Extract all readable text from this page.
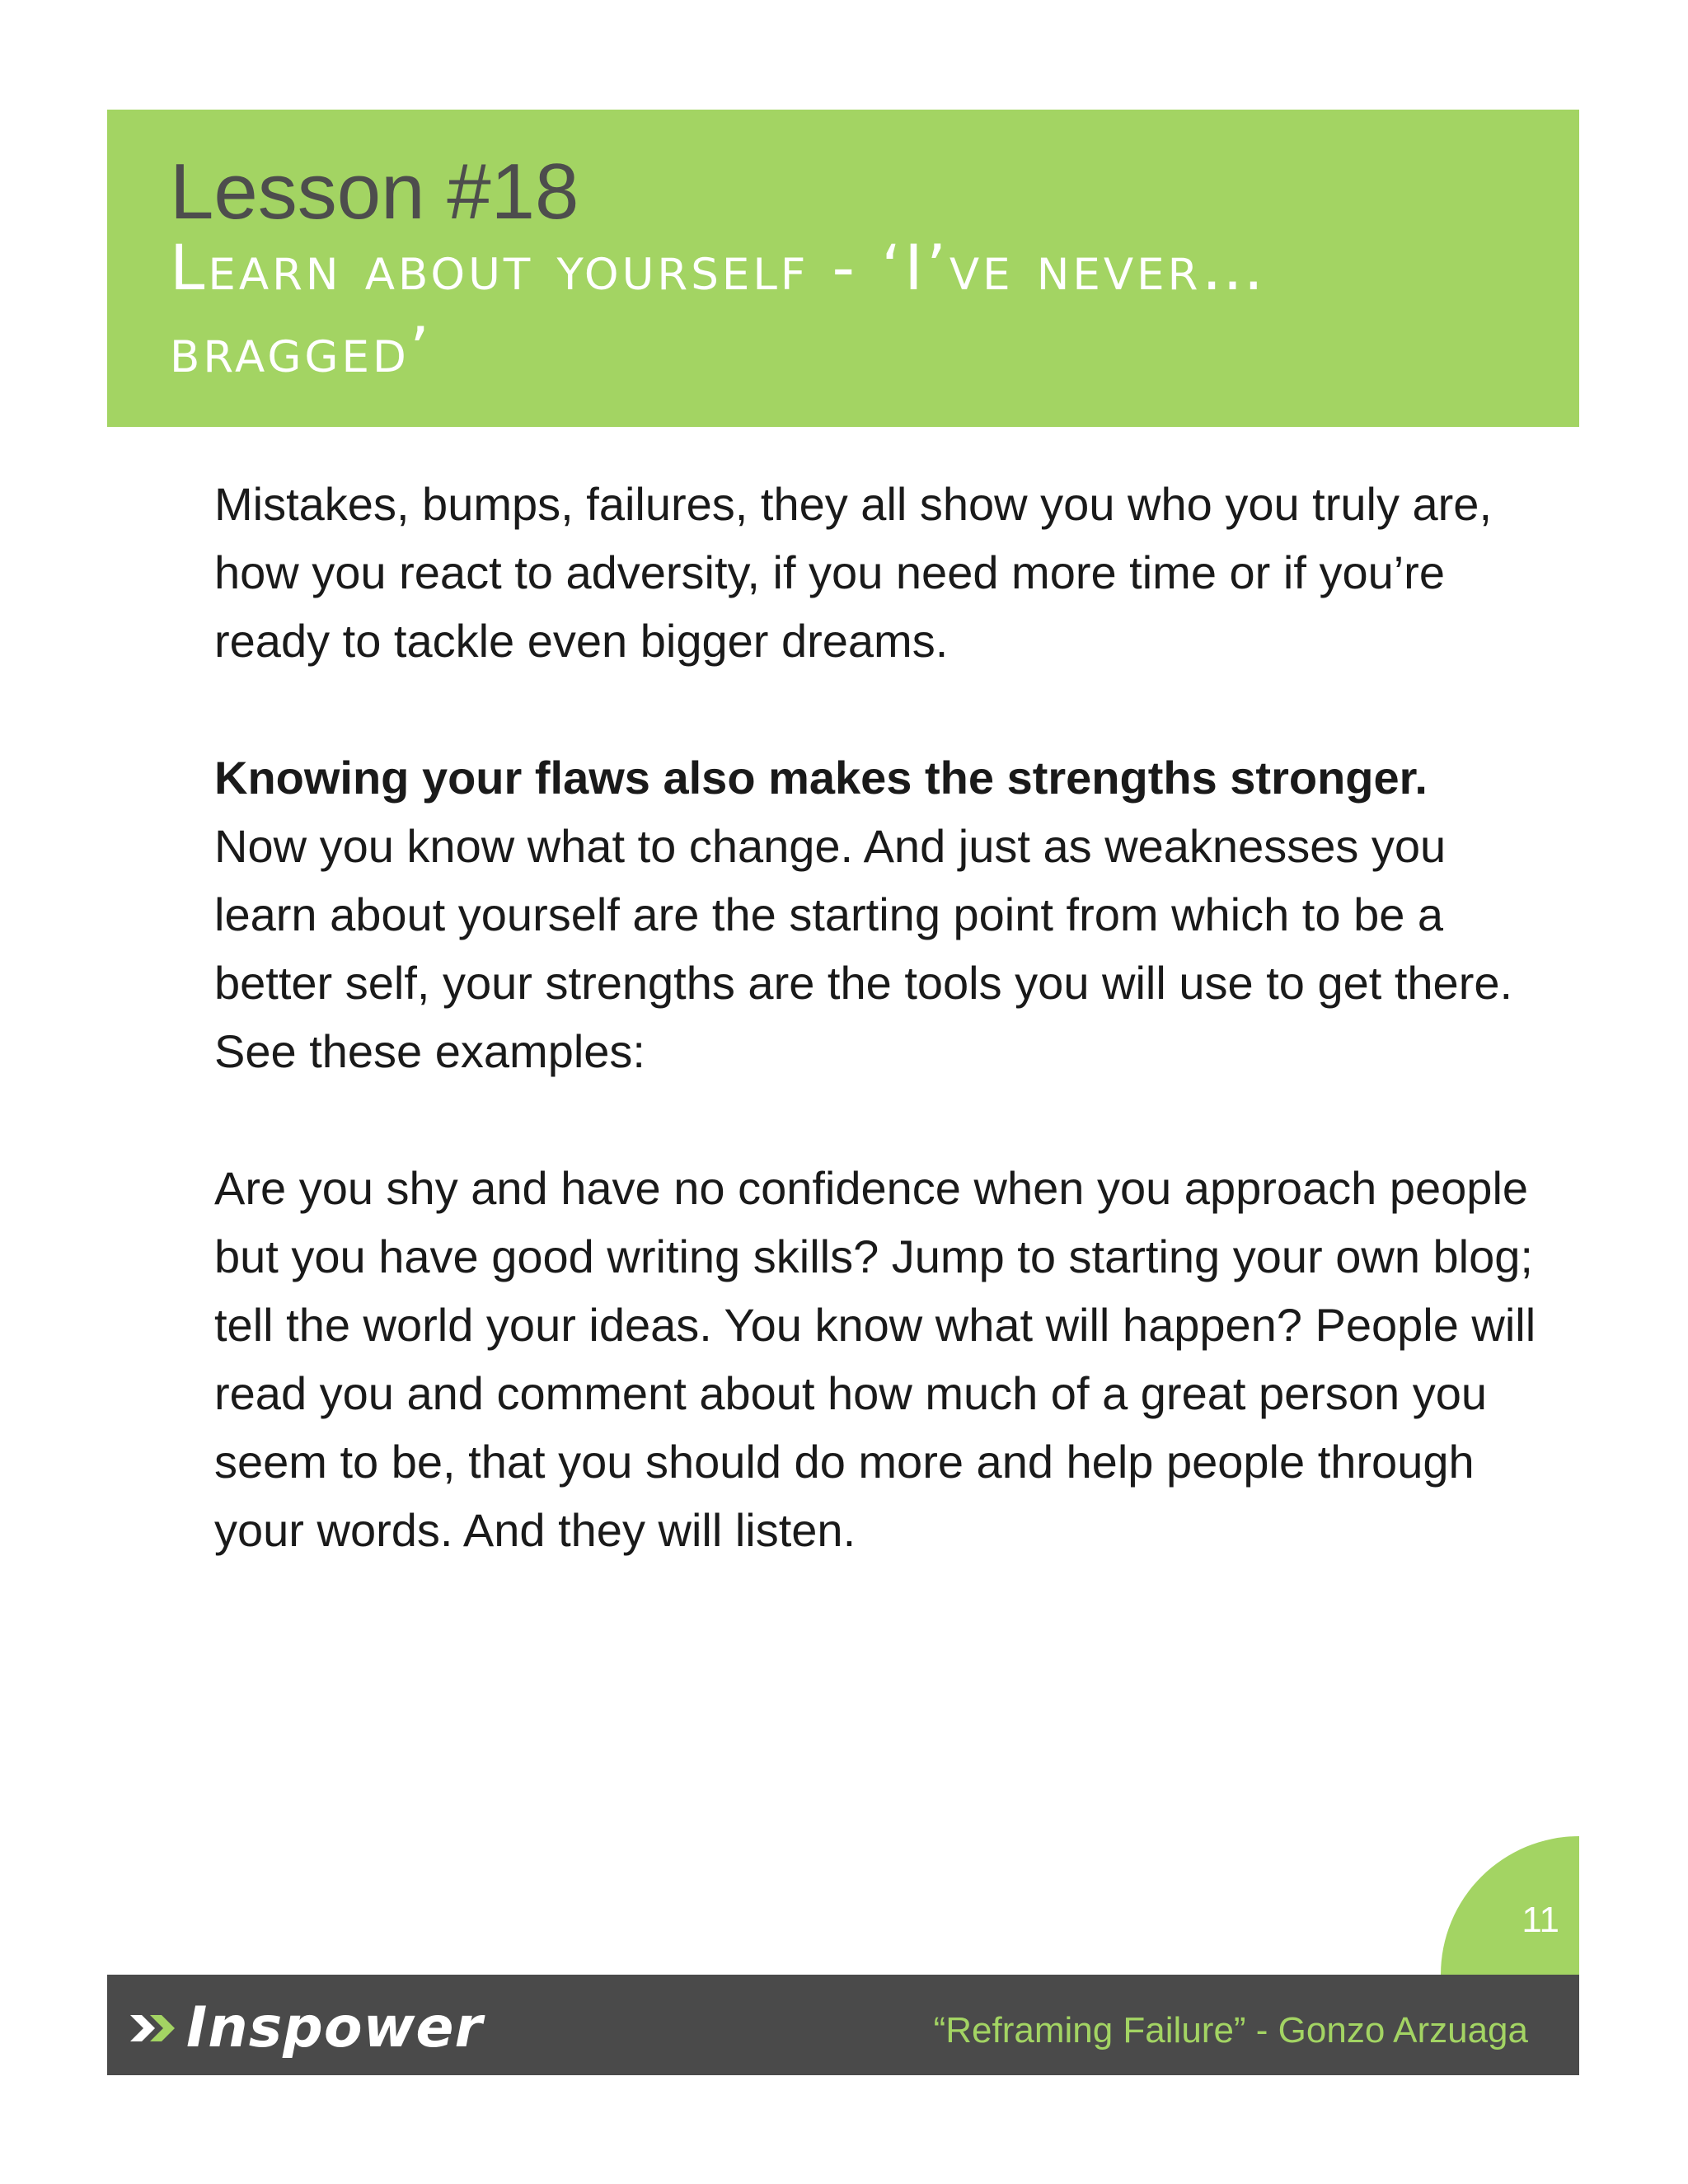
Lesson #18
Learn about yourself - ‘I’ve never… bragged’

Mistakes, bumps, failures, they all show you who you truly are, how you react to adversity, if you need more time or if you’re ready to tackle even bigger dreams.

Knowing your flaws also makes the strengths stronger.
Now you know what to change. And just as weaknesses you learn about yourself are the starting point from which to be a better self, your strengths are the tools you will use to get there. See these examples:

Are you shy and have no confidence when you approach people but you have good writing skills? Jump to starting your own blog; tell the world your ideas. You know what will happen? People will read you and comment about how much of a great person you seem to be, that you should do more and help people through your words. And they will listen.

11
Inspower	“Reframing Failure” - Gonzo Arzuaga
